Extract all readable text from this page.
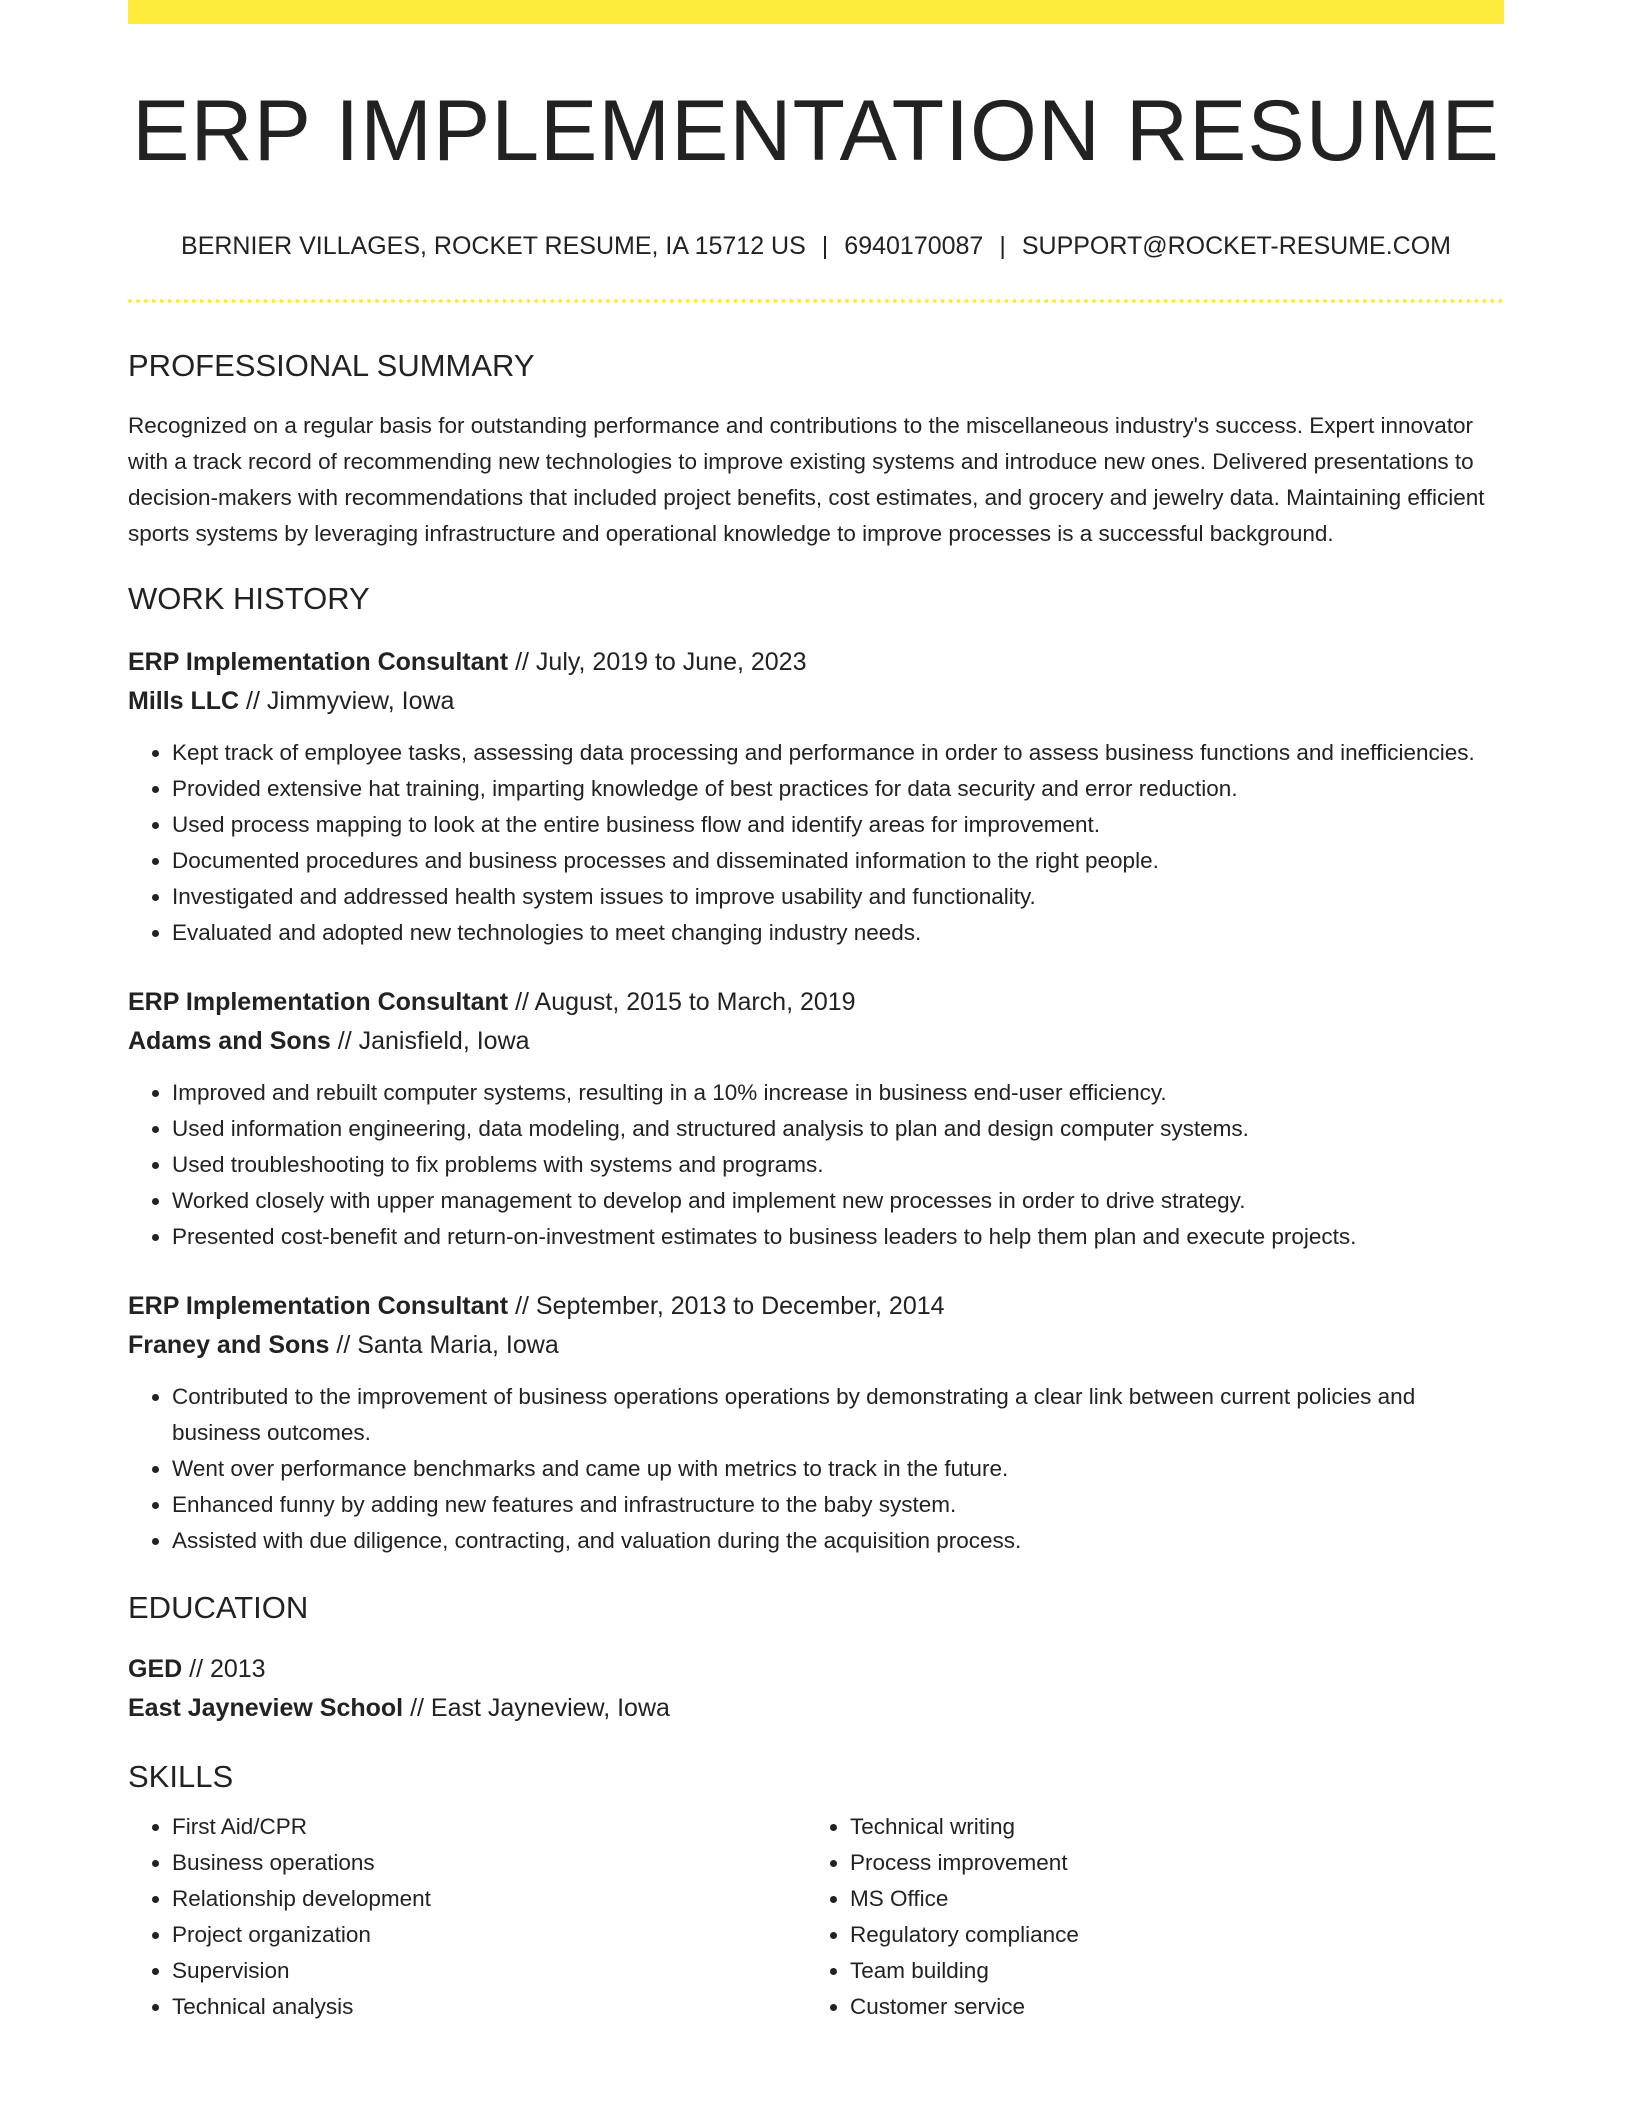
ERP IMPLEMENTATION RESUME
BERNIER VILLAGES, ROCKET RESUME, IA 15712 US | 6940170087 | SUPPORT@ROCKET-RESUME.COM
PROFESSIONAL SUMMARY
Recognized on a regular basis for outstanding performance and contributions to the miscellaneous industry's success. Expert innovator with a track record of recommending new technologies to improve existing systems and introduce new ones. Delivered presentations to decision-makers with recommendations that included project benefits, cost estimates, and grocery and jewelry data. Maintaining efficient sports systems by leveraging infrastructure and operational knowledge to improve processes is a successful background.
WORK HISTORY
ERP Implementation Consultant // July, 2019 to June, 2023
Mills LLC // Jimmyview, Iowa
• Kept track of employee tasks, assessing data processing and performance in order to assess business functions and inefficiencies.
• Provided extensive hat training, imparting knowledge of best practices for data security and error reduction.
• Used process mapping to look at the entire business flow and identify areas for improvement.
• Documented procedures and business processes and disseminated information to the right people.
• Investigated and addressed health system issues to improve usability and functionality.
• Evaluated and adopted new technologies to meet changing industry needs.
ERP Implementation Consultant // August, 2015 to March, 2019
Adams and Sons // Janisfield, Iowa
• Improved and rebuilt computer systems, resulting in a 10% increase in business end-user efficiency.
• Used information engineering, data modeling, and structured analysis to plan and design computer systems.
• Used troubleshooting to fix problems with systems and programs.
• Worked closely with upper management to develop and implement new processes in order to drive strategy.
• Presented cost-benefit and return-on-investment estimates to business leaders to help them plan and execute projects.
ERP Implementation Consultant // September, 2013 to December, 2014
Franey and Sons // Santa Maria, Iowa
• Contributed to the improvement of business operations operations by demonstrating a clear link between current policies and business outcomes.
• Went over performance benchmarks and came up with metrics to track in the future.
• Enhanced funny by adding new features and infrastructure to the baby system.
• Assisted with due diligence, contracting, and valuation during the acquisition process.
EDUCATION
GED // 2013
East Jayneview School // East Jayneview, Iowa
SKILLS
• First Aid/CPR
• Business operations
• Relationship development
• Project organization
• Supervision
• Technical analysis
• Technical writing
• Process improvement
• MS Office
• Regulatory compliance
• Team building
• Customer service
